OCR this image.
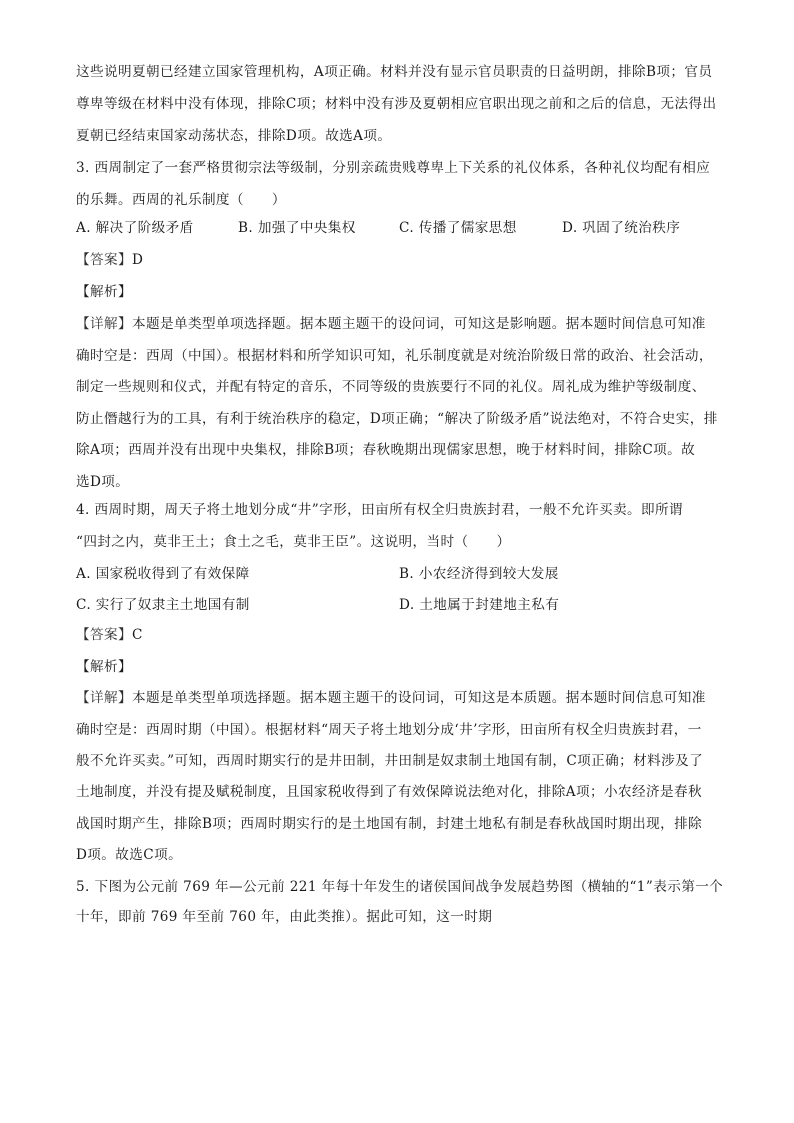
这些说明夏朝已经建立国家管理机构，A项正确。材料并没有显示官员职责的日益明朗，排除B项；官员
尊卑等级在材料中没有体现，排除C项；材料中没有涉及夏朝相应官职出现之前和之后的信息，无法得出
夏朝已经结束国家动荡状态，排除D项。故选A项。
3. 西周制定了一套严格贯彻宗法等级制，分别亲疏贵贱尊卑上下关系的礼仪体系，各种礼仪均配有相应
的乐舞。西周的礼乐制度（　　）
A. 解决了阶级矛盾	B. 加强了中央集权	C. 传播了儒家思想	D. 巩固了统治秩序
【答案】D
【解析】
【详解】本题是单类型单项选择题。据本题主题干的设问词，可知这是影响题。据本题时间信息可知准
确时空是：西周（中国）。根据材料和所学知识可知，礼乐制度就是对统治阶级日常的政治、社会活动，
制定一些规则和仪式，并配有特定的音乐，不同等级的贵族要行不同的礼仪。周礼成为维护等级制度、
防止僭越行为的工具，有利于统治秩序的稳定，D项正确；“解决了阶级矛盾”说法绝对，不符合史实，排
除A项；西周并没有出现中央集权，排除B项；春秋晚期出现儒家思想，晚于材料时间，排除C项。故
选D项。
4. 西周时期，周天子将土地划分成“井”字形，田亩所有权全归贵族封君，一般不允许买卖。即所谓
“四封之内，莫非王土；食土之毛，莫非王臣”。这说明，当时（　　）
A. 国家税收得到了有效保障	B. 小农经济得到较大发展
C. 实行了奴隶主土地国有制	D. 土地属于封建地主私有
【答案】C
【解析】
【详解】本题是单类型单项选择题。据本题主题干的设问词，可知这是本质题。据本题时间信息可知准
确时空是：西周时期（中国）。根据材料“周天子将土地划分成‘井’字形，田亩所有权全归贵族封君，一
般不允许买卖。”可知，西周时期实行的是井田制，井田制是奴隶制土地国有制，C项正确；材料涉及了
土地制度，并没有提及赋税制度，且国家税收得到了有效保障说法绝对化，排除A项；小农经济是春秋
战国时期产生，排除B项；西周时期实行的是土地国有制，封建土地私有制是春秋战国时期出现，排除
D项。故选C项。
5. 下图为公元前 769 年—公元前 221 年每十年发生的诸侯国间战争发展趋势图（横轴的“1”表示第一个
十年，即前 769 年至前 760 年，由此类推）。据此可知，这一时期
